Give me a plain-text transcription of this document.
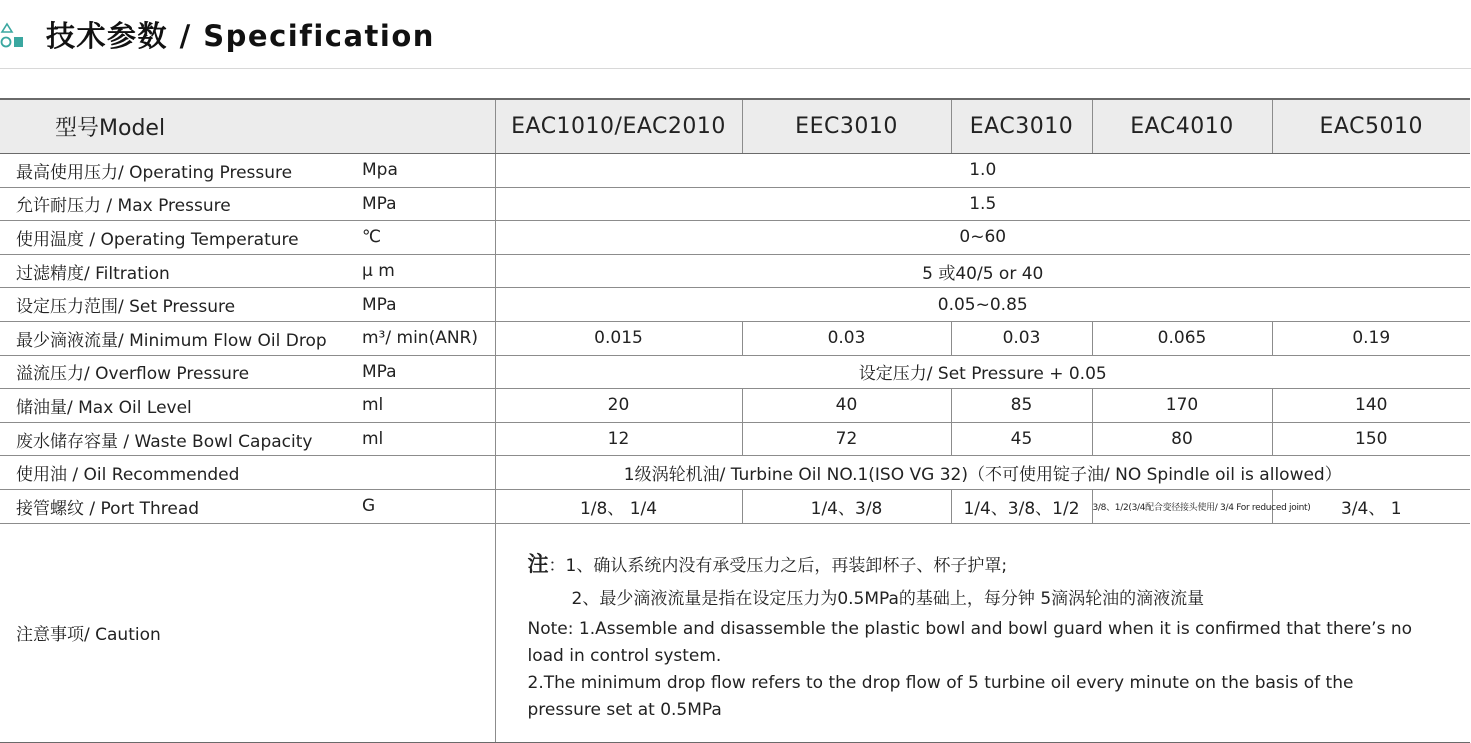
技术参数 / Specification
型号Model		EAC1010/EAC2010	EEC3010	EAC3010	EAC4010	EAC5010
最高使用压力/ Operating Pressure	Mpa	1.0				
允许耐压力 / Max Pressure	MPa	1.5				
使用温度 / Operating Temperature	℃	0~60				
过滤精度/ Filtration	μ m	5 或40/5 or 40				
设定压力范围/ Set Pressure	MPa	0.05~0.85				
最少滴液流量/ Minimum Flow Oil Drop	m³/ min(ANR)	0.015	0.03	0.03	0.065	0.19
溢流压力/ Overflow Pressure	MPa	设定压力/ Set Pressure + 0.05				
储油量/ Max Oil Level	ml	20	40	85	170	140
废水储存容量 / Waste Bowl Capacity	ml	12	72	45	80	150
使用油 / Oil Recommended		1级涡轮机油/ Turbine Oil NO.1(ISO VG 32)（不可使用锭子油/ NO Spindle oil is allowed）				
接管螺纹 / Port Thread	G	1/8、 1/4	1/4、3/8	1/4、3/8、1/2	3/8、1/2(3/4配合变径接头使用/ 3/4 For reduced joint)	3/4、 1
注意事项/ Caution		注：1、确认系统内没有承受压力之后，再装卸杯子、杯子护罩;
2、最少滴液流量是指在设定压力为0.5MPa的基础上，每分钟 5滴涡轮油的滴液流量
Note: 1.Assemble and disassemble the plastic bowl and bowl guard when it is confirmed that there’s no load in control system.
2.The minimum drop flow refers to the drop flow of 5 turbine oil every minute on the basis of the pressure set at 0.5MPa				
